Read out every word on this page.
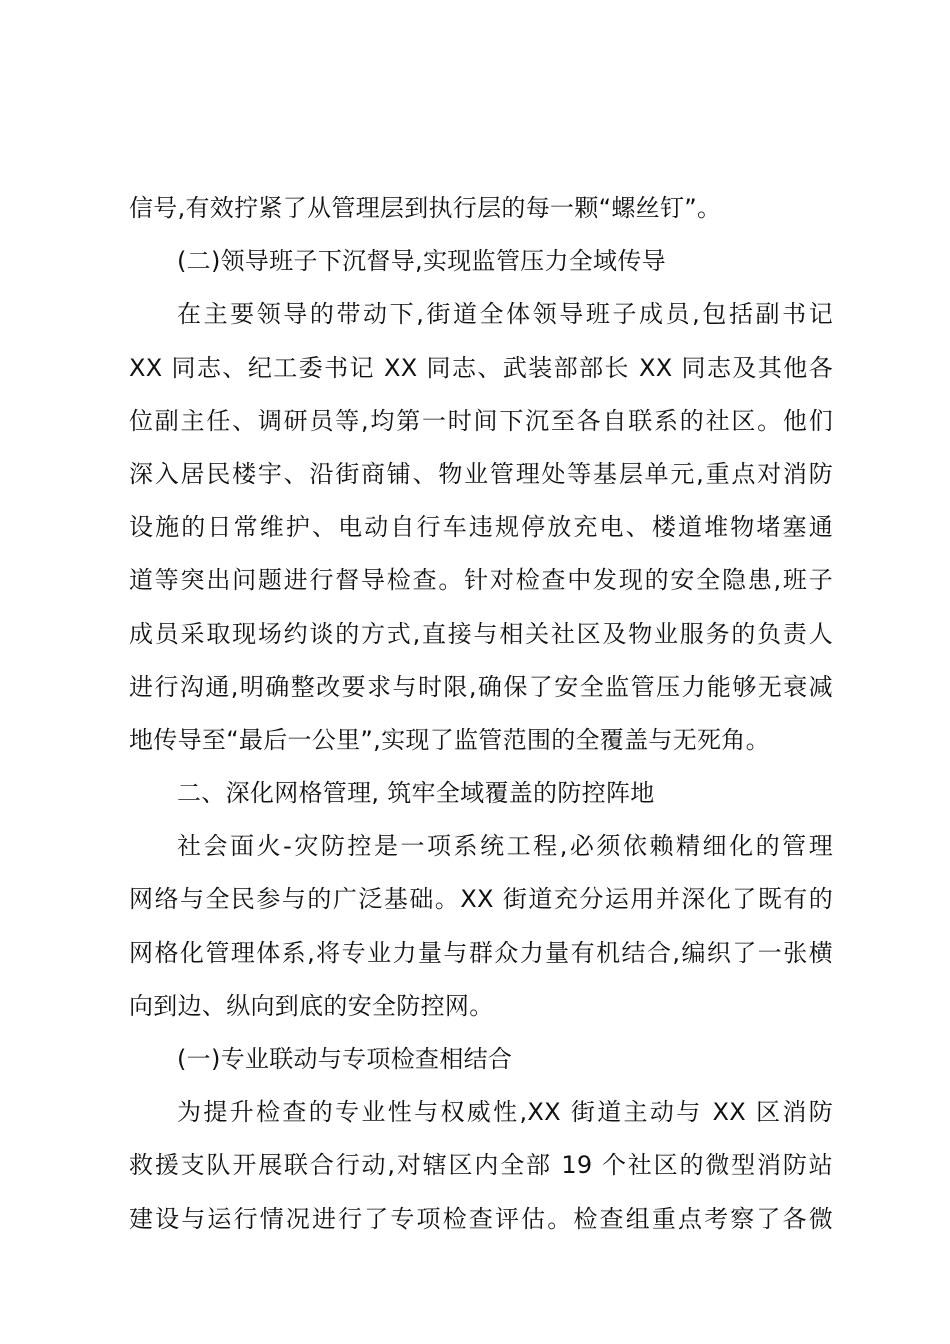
信号,有效拧紧了从管理层到执行层的每一颗“螺丝钉”。
(二)领导班子下沉督导,实现监管压力全域传导
在主要领导的带动下,街道全体领导班子成员,包括副书记
XX 同志、纪工委书记 XX 同志、武装部部长 XX 同志及其他各
位副主任、调研员等,均第一时间下沉至各自联系的社区。他们
深入居民楼宇、沿街商铺、物业管理处等基层单元,重点对消防
设施的日常维护、电动自行车违规停放充电、楼道堆物堵塞通
道等突出问题进行督导检查。针对检查中发现的安全隐患,班子
成员采取现场约谈的方式,直接与相关社区及物业服务的负责人
进行沟通,明确整改要求与时限,确保了安全监管压力能够无衰减
地传导至“最后一公里”,实现了监管范围的全覆盖与无死角。
二、深化网格管理, 筑牢全域覆盖的防控阵地
社会面火-灾防控是一项系统工程,必须依赖精细化的管理
网络与全民参与的广泛基础。XX 街道充分运用并深化了既有的
网格化管理体系,将专业力量与群众力量有机结合,编织了一张横
向到边、纵向到底的安全防控网。
(一)专业联动与专项检查相结合
为提升检查的专业性与权威性,XX 街道主动与 XX 区消防
救援支队开展联合行动,对辖区内全部 19 个社区的微型消防站
建设与运行情况进行了专项检查评估。检查组重点考察了各微
